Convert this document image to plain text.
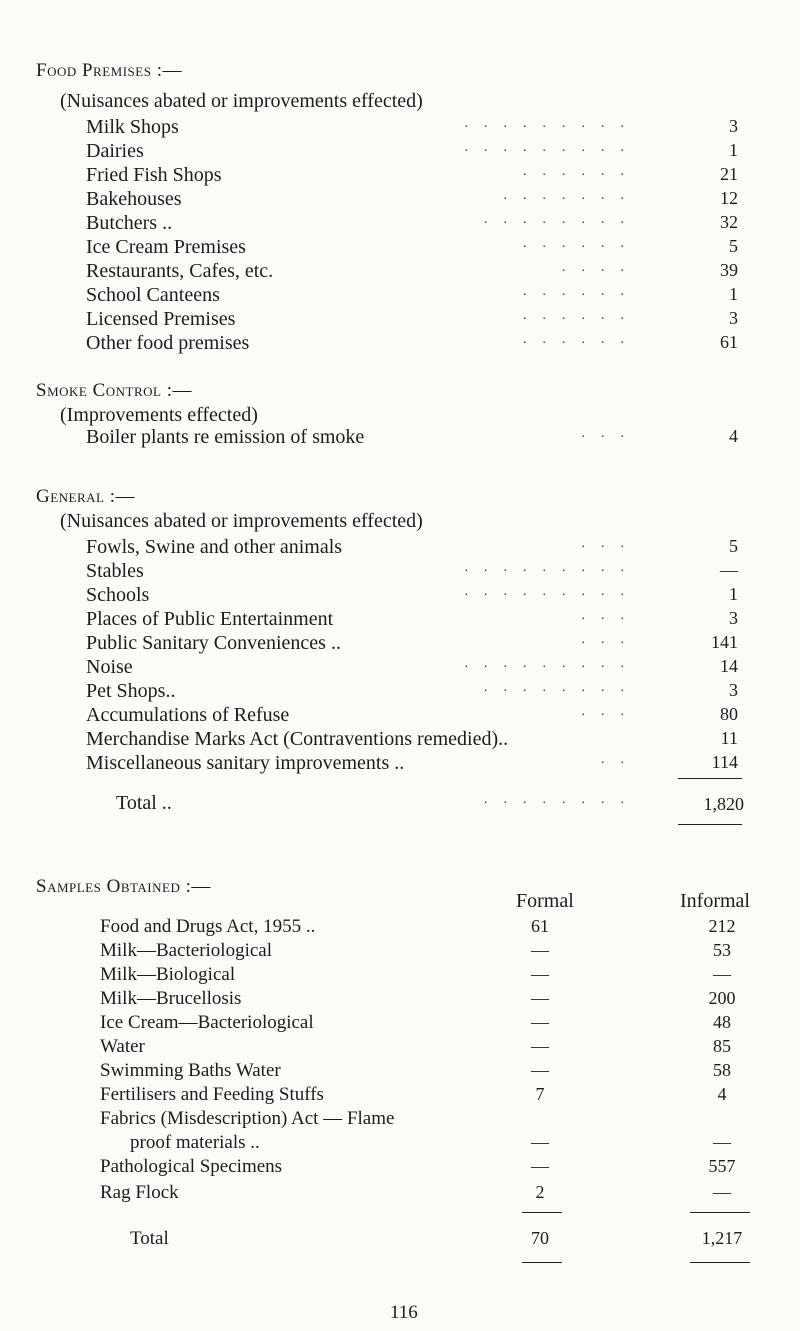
Food Premises :—
(Nuisances abated or improvements effected)
Milk Shops	.........	3
Dairies	.........	1
Fried Fish Shops	......	21
Bakehouses	.......	12
Butchers ..	........	32
Ice Cream Premises	......	5
Restaurants, Cafes, etc.	....	39
School Canteens	......	1
Licensed Premises	......	3
Other food premises	......	61
Smoke Control :—
(Improvements effected)
Boiler plants re emission of smoke	...	4
General :—
(Nuisances abated or improvements effected)
Fowls, Swine and other animals	...	5
Stables	.........	—
Schools	.........	1
Places of Public Entertainment	...	3
Public Sanitary Conveniences ..	...	141
Noise	.........	14
Pet Shops..	........	3
Accumulations of Refuse	...	80
Merchandise Marks Act (Contraventions remedied)..	11
Miscellaneous sanitary improvements ..	..	114
Total ..	........	1,820
Samples Obtained :—
Formal	Informal
Food and Drugs Act, 1955 ..	61	212
Milk—Bacteriological	—	53
Milk—Biological	—	—
Milk—Brucellosis	—	200
Ice Cream—Bacteriological	—	48
Water	—	85
Swimming Baths Water	—	58
Fertilisers and Feeding Stuffs	7	4
Fabrics (Misdescription) Act — Flame
proof materials ..	—	—
Pathological Specimens	—	557
Rag Flock	2	—
Total	70	1,217
116
